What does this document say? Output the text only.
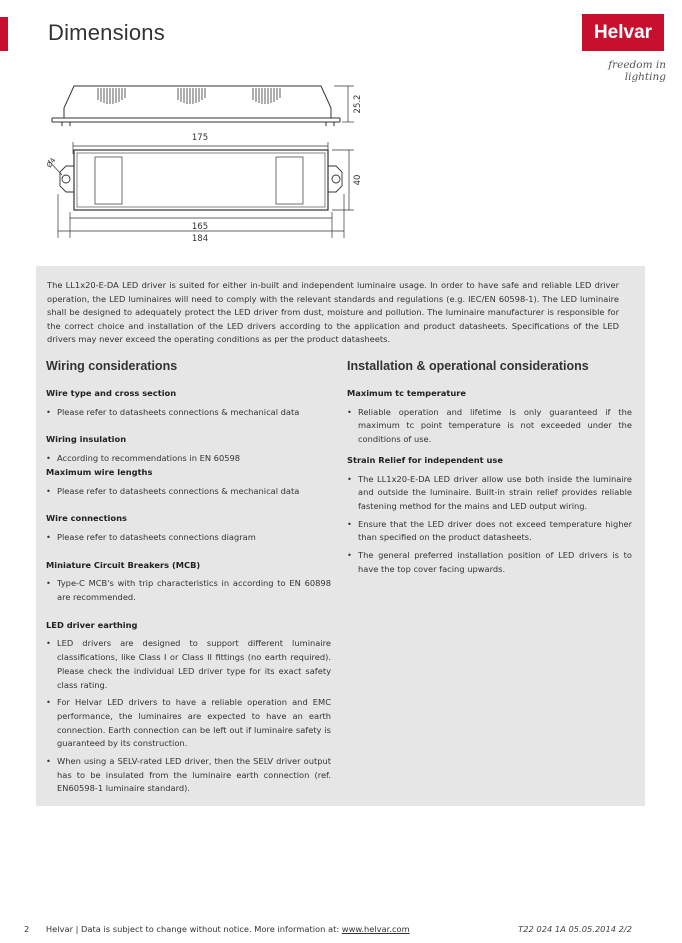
Dimensions	Helvar
freedom in lighting
175
165
184
25.2
40
Ø4

The LL1x20-E-DA LED driver is suited for either in-built and independent luminaire usage. In order to have safe and reliable LED driver operation, the LED luminaires will need to comply with the relevant standards and regulations (e.g. IEC/EN 60598-1). The LED luminaire shall be designed to adequately protect the LED driver from dust, moisture and pollution. The luminaire manufacturer is responsible for the correct choice and installation of the LED drivers according to the application and product datasheets. Specifications of the LED drivers may never exceed the operating conditions as per the product datasheets.

Wiring considerations
Wire type and cross section
• Please refer to datasheets connections & mechanical data
Wiring insulation
• According to recommendations in EN 60598
Maximum wire lengths
• Please refer to datasheets connections & mechanical data
Wire connections
• Please refer to datasheets connections diagram
Miniature Circuit Breakers (MCB)
• Type-C MCB's with trip characteristics in according to EN 60898 are recommended.
LED driver earthing
• LED drivers are designed to support different luminaire classifications, like Class I or Class II fittings (no earth required). Please check the individual LED driver type for its exact safety class rating.
• For Helvar LED drivers to have a reliable operation and EMC performance, the luminaires are expected to have an earth connection. Earth connection can be left out if luminaire safety is guaranteed by its construction.
• When using a SELV-rated LED driver, then the SELV driver output has to be insulated from the luminaire earth connection (ref. EN60598-1 luminaire standard).
Installation & operational considerations
Maximum tc temperature
• Reliable operation and lifetime is only guaranteed if the maximum tc point temperature is not exceeded under the conditions of use.
Strain Relief for independent use
• The LL1x20-E-DA LED driver allow use both inside the luminaire and outside the luminaire. Built-in strain relief provides reliable fastening method for the mains and LED output wiring.
• Ensure that the LED driver does not exceed temperature higher than specified on the product datasheets.
• The general preferred installation position of LED drivers is to have the top cover facing upwards.
2 Helvar | Data is subject to change without notice. More information at: www.helvar.com	T22 024 1A 05.05.2014 2/2
